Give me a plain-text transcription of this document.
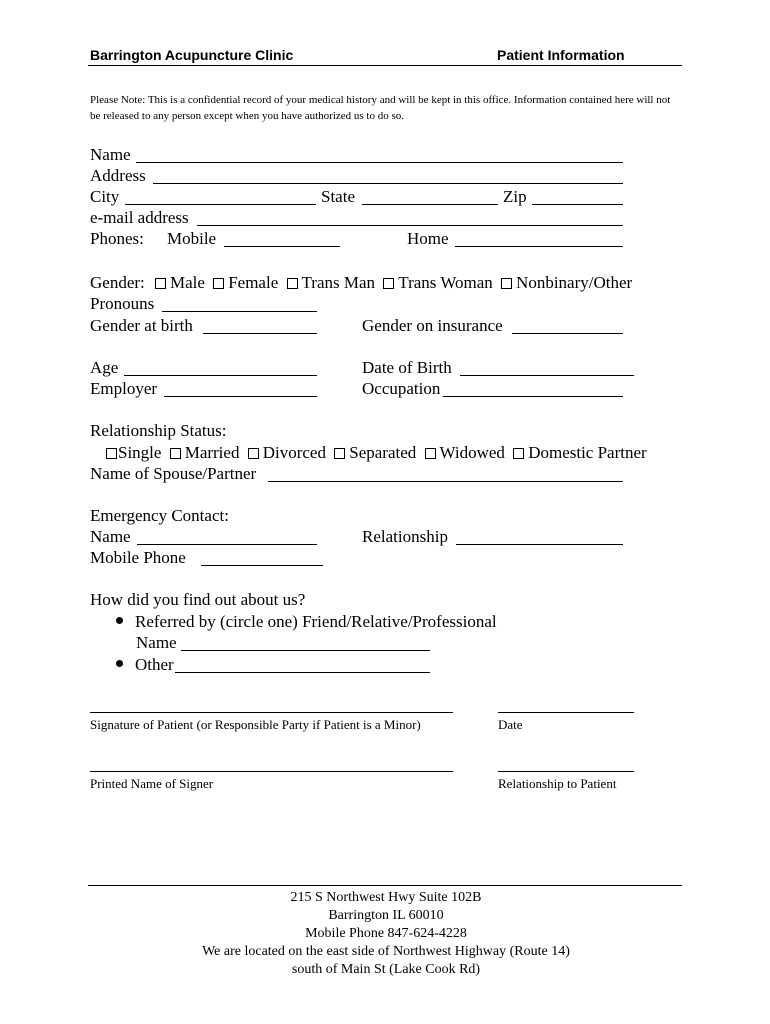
Barrington Acupuncture Clinic	Patient Information
Please Note: This is a confidential record of your medical history and will be kept in this office. Information contained here will not be released to any person except when you have authorized us to do so.
Name
Address
City	State	Zip
e-mail address
Phones: Mobile	Home
Gender: Male Female Trans Man Trans Woman Nonbinary/Other
Pronouns
Gender at birth	Gender on insurance
Age	Date of Birth
Employer	Occupation
Relationship Status:
Single Married Divorced Separated Widowed Domestic Partner
Name of Spouse/Partner
Emergency Contact:
Name	Relationship
Mobile Phone
How did you find out about us?
Referred by (circle one) Friend/Relative/Professional
Name
Other
Signature of Patient (or Responsible Party if Patient is a Minor)	Date
Printed Name of Signer	Relationship to Patient
215 S Northwest Hwy Suite 102B
Barrington IL 60010
Mobile Phone 847-624-4228
We are located on the east side of Northwest Highway (Route 14)
south of Main St (Lake Cook Rd)
